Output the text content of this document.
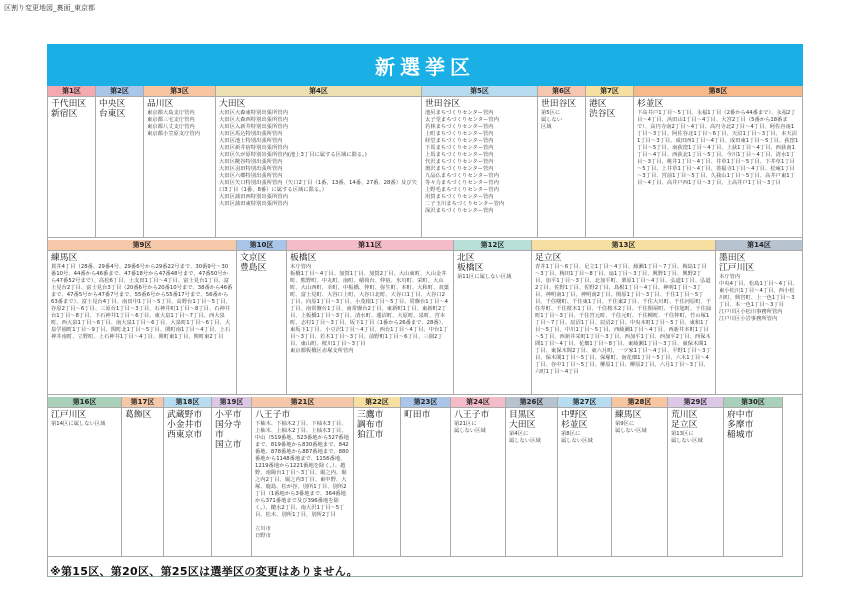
区割り変更地図_裏面_東京都
新選挙区
第1区
千代田区
新宿区
第2区
中央区
台東区
第3区
品川区
東京都大島支庁管内
東京都三宅支庁管内
東京都八丈支庁管内
東京都小笠原支庁管内
第4区
大田区
大田区大森東特別出張所管内
大田区大森西特別出張所管内
大田区入新井特別出張所管内
大田区馬込特別出張所管内
大田区池上特別出張所管内
大田区新井宿特別出張所管内
大田区久が原特別出張所管内(池上3丁目に属する区域に限る。)
大田区糀谷特別出張所管内
大田区羽田特別出張所管内
大田区六郷特別出張所管内
大田区矢口特別出張所管内（矢口2丁目（1番、13番、14番、27番、28番）及び矢口3丁目（1番、8番）に属する区域に限る。）
大田区蒲田西特別出張所管内
大田区蒲田東特別出張所管内
第5区
世田谷区
池尻まちづくりセンター管内
太子堂まちづくりセンター管内
若林まちづくりセンター管内
上町まちづくりセンター管内
経堂まちづくりセンター管内
下馬まちづくりセンター管内
上馬まちづくりセンター管内
代沢まちづくりセンター管内
奥沢まちづくりセンター管内
九品仏まちづくりセンター管内
等々力まちづくりセンター管内
上野毛まちづくりセンター管内
用賀まちづくりセンター管内
二子玉川まちづくりセンター管内
深沢まちづくりセンター管内
第6区
世田谷区
第5区に
属しない
区域
第7区
港区
渋谷区
第8区
杉並区
下高井戸1丁目～5丁目、永福1丁目（2番から44番まで）、永福2丁目～4丁目、浜田山1丁目～4丁目、大宮2丁目（5番から18番まで）、高円寺南2丁目～4丁目、高円寺北2丁目～4丁目、阿佐谷南1丁目～3丁目、阿佐谷北1丁目～6丁目、天沼1丁目～3丁目、本天沼1丁目～3丁目、成田西1丁目～4丁目、成田東1丁目～5丁目、荻窪1丁目～5丁目、南荻窪1丁目～4丁目、上荻1丁目～4丁目、西荻南1丁目～4丁目、西荻北1丁目～5丁目、今川1丁目～4丁目、清水1丁目～3丁目、桃井1丁目～4丁目、井草1丁目～5丁目、下井草1丁目～5丁目、上井草1丁目～4丁目、善福寺1丁目～4丁目、松庵1丁目～3丁目、宮前1丁目～5丁目、久我山1丁目～5丁目、高井戸東1丁目～4丁目、高井戸西1丁目～3丁目、上高井戸1丁目～3丁目
第9区
練馬区
貫井4丁目（28番、29番4号、29番6号から29番22号まで、30番9号～30番10号、44番から46番まで、47番18号から47番48号まで、47番50号から47番52号まで）、高松6丁目、土支田1丁目～4丁目、富士見台1丁目、富士見台2丁目、富士見台3丁目（20番6号から20番10号まで、38番から46番まで、47番5号から47番7号まで、55番6号から55番17号まで、56番から63番まで）、富士見台4丁目、南田中1丁目～5丁目、高野台1丁目～5丁目、谷原2丁目～6丁目、三原台1丁目～3丁目、石神井町1丁目～8丁目、石神井台1丁目～8丁目、下石神井1丁目～6丁目、東大泉1丁目～7丁目、西大泉町、西大泉1丁目～6丁目、南大泉1丁目～6丁目、大泉町1丁目～6丁目、大泉学園町1丁目～9丁目、関町北1丁目～5丁目、関町南1丁目～4丁目、上石神井南町、立野町、上石神井1丁目～4丁目、関町東1丁目、関町東2丁目
第10区
文京区
豊島区
第11区
板橋区
本庁管内
板橋1丁目～4丁目、加賀1丁目、加賀2丁目、大山東町、大山金井町、熊野町、中丸町、南町、稲荷台、仲宿、氷川町、栄町、大山町、大山西町、幸町、中板橋、仲町、弥生町、本町、大和町、双葉町、富士見町、大谷口上町、大谷口北町、大谷口1丁目、大谷口2丁目、向原1丁目～3丁目、小茂根1丁目～5丁目、常盤台1丁目～4丁目、南常盤台1丁目、南常盤台2丁目、東新町1丁目、東新町2丁目、上板橋1丁目～3丁目、清水町、蓮沼町、大原町、泉町、宮本町、志村1丁目～3丁目、坂下1丁目（1番から26番まで、28番）、東坂下1丁目、小豆沢1丁目～4丁目、西台1丁目～4丁目、中台1丁目～3丁目、若木1丁目～3丁目、前野町1丁目～6丁目、三園2丁目、東山町、桜川1丁目～3丁目
東京都板橋区赤塚支所管内
第12区
北区
板橋区
第11区に属しない区域
第13区
足立区
青井1丁目～6丁目、足立1丁目～4丁目、綾瀬1丁目～7丁目、梅島1丁目～3丁目、梅田1丁目～8丁目、扇1丁目～3丁目、興野1丁目、興野2丁目、加平1丁目～3丁目、北加平町、栗原1丁目～4丁目、弘道1丁目、弘道2丁目、佐野1丁目、佐野2丁目、島根1丁目～4丁目、神明1丁目～3丁目、神明南1丁目、神明南2丁目、関原1丁目～3丁目、千住1丁目～5丁目、千住曙町、千住東1丁目、千住東2丁目、千住大川町、千住河原町、千住寿町、千住桜木1丁目、千住桜木2丁目、千住関屋町、千住旭町、千住緑町1丁目～3丁目、千住宮元町、千住元町、千住柳町、千住仲町、竹の塚1丁目～7丁目、辰沼1丁目、辰沼2丁目、中央本町1丁目～5丁目、東和1丁目～5丁目、中川1丁目～5丁目、西綾瀬1丁目～4丁目、西新井本町1丁目～5丁目、西新井栄町1丁目～3丁目、西加平1丁目、西加平2丁目、西保木間1丁目～4丁目、花畑1丁目～8丁目、東綾瀬1丁目～3丁目、東保木間1丁目、東保木間2丁目、東六月町、一ツ家1丁目～4丁目、平野1丁目～3丁目、保木間1丁目～5丁目、保塚町、南花畑1丁目～5丁目、六木1丁目～4丁目、谷中1丁目～5丁目、柳原1丁目、柳原2丁目、六月1丁目～3丁目、六町1丁目～4丁目
第14区
墨田区
江戸川区
本庁管内
中央4丁目、松島1丁目～4丁目、東小松川1丁目～4丁目、西小松川町、興宮町、上一色1丁目～3丁目、本一色1丁目～3丁目
江戸川区小松川事務所管内
江戸川区小岩事務所管内
第16区
江戸川区
第14区に属しない区域
第17区
葛飾区
第18区
武蔵野市
小金井市
西東京市
第19区
小平市
国分寺市
国立市
第21区
八王子市
下柚木、下柚木2丁目、下柚木3丁目、上柚木、上柚木2丁目、上柚木3丁目、中山（519番地、523番地から527番地まで、819番地から830番地まで、842番地、878番地から887番地まで、880番地から1148番地まで、1156番地、1219番地から1221番地を除く。）、越野、南陽台1丁目～3丁目、堀之内、堀之内2丁目、堀之内3丁目、東中野、大塚、鹿島、松が谷、別所1丁目、別所2丁目（1番地から3番地まで、364番地から371番地まで及び396番地を除く。）、鑓水2丁目、南大沢1丁目～5丁目、松木、別所1丁目、別所2丁目

立川市
日野市
第22区
三鷹市
調布市
狛江市
第23区
町田市
第24区
八王子市
第21区に
属しない区域
第26区
目黒区
大田区
第4区に
属しない区域
第27区
中野区
杉並区
第8区に
属しない区域
第28区
練馬区
第9区に
属しない区域
第29区
荒川区
足立区
第13区に
属しない区域
第30区
府中市
多摩市
稲城市
※第15区、第20区、第25区は選挙区の変更はありません。
